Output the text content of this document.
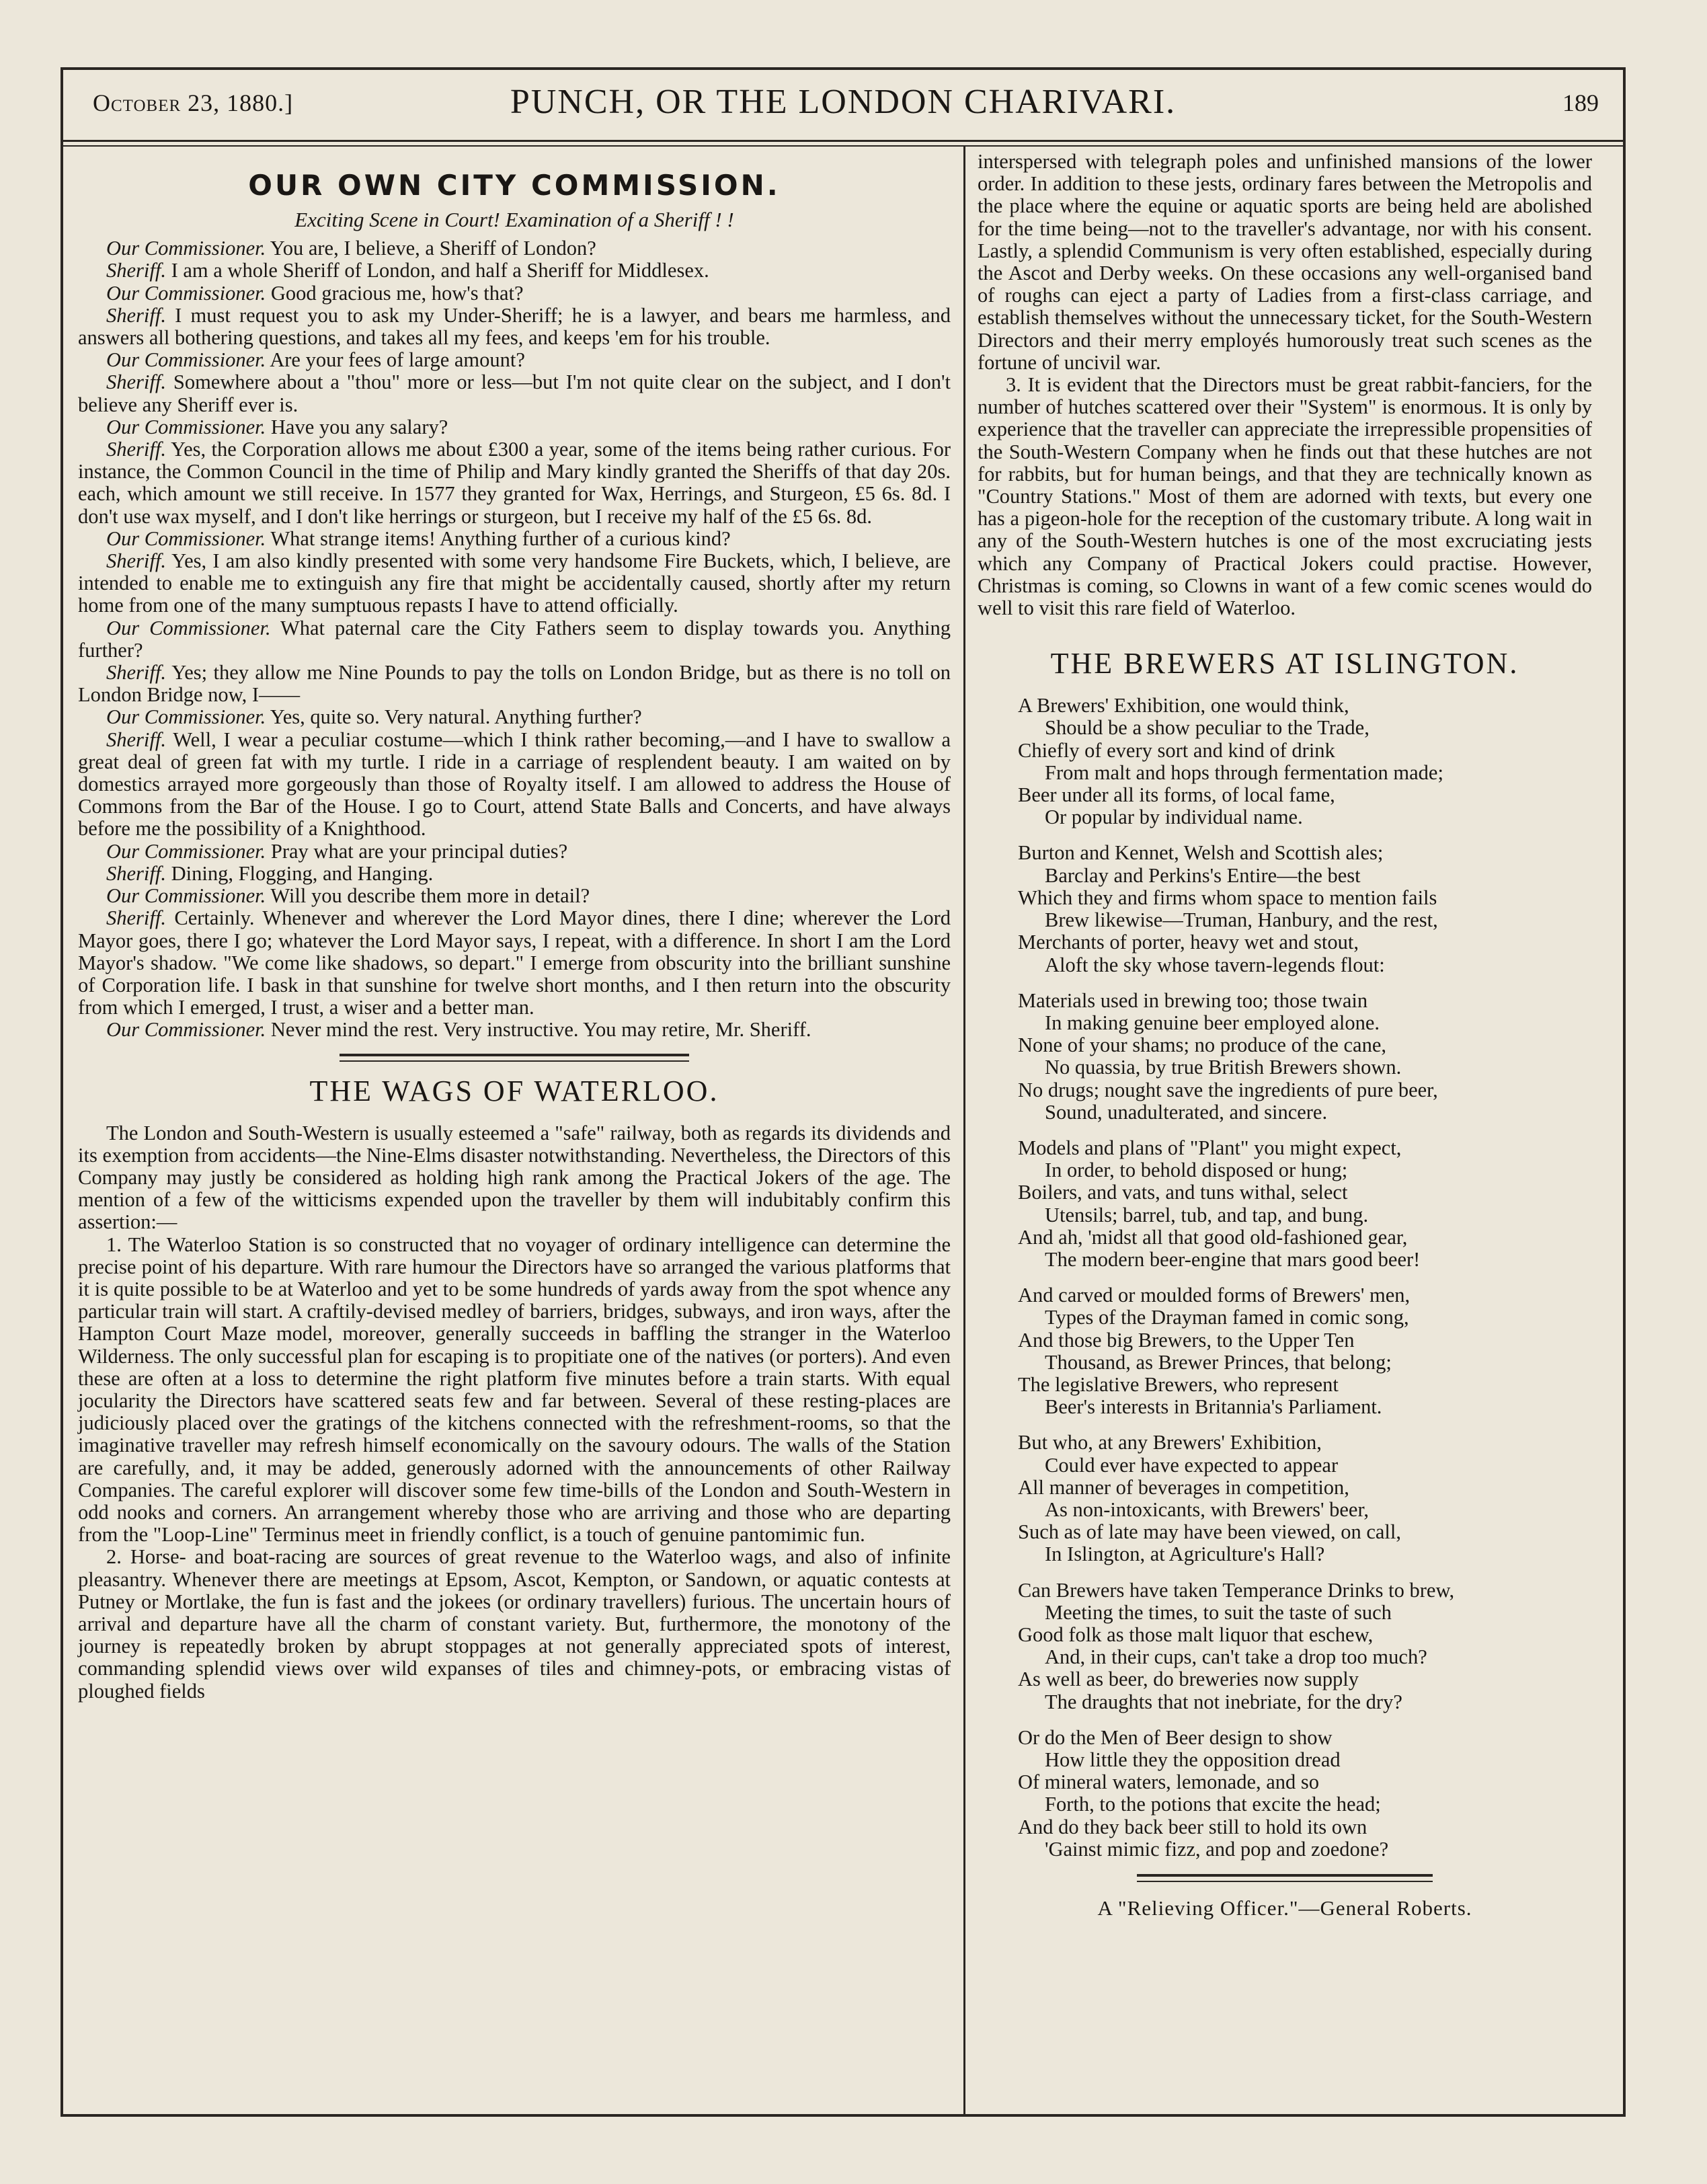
October 23, 1880.]	PUNCH, OR THE LONDON CHARIVARI.	189
OUR OWN CITY COMMISSION.
Exciting Scene in Court! Examination of a Sheriff ! !

Our Commissioner. You are, I believe, a Sheriff of London?

Sheriff. I am a whole Sheriff of London, and half a Sheriff for Middlesex.

Our Commissioner. Good gracious me, how's that?

Sheriff. I must request you to ask my Under-Sheriff; he is a lawyer, and bears me harmless, and answers all bothering questions, and takes all my fees, and keeps 'em for his trouble.

Our Commissioner. Are your fees of large amount?

Sheriff. Somewhere about a "thou" more or less—but I'm not quite clear on the subject, and I don't believe any Sheriff ever is.

Our Commissioner. Have you any salary?

Sheriff. Yes, the Corporation allows me about £300 a year, some of the items being rather curious. For instance, the Common Council in the time of Philip and Mary kindly granted the Sheriffs of that day 20s. each, which amount we still receive. In 1577 they granted for Wax, Herrings, and Sturgeon, £5 6s. 8d. I don't use wax myself, and I don't like herrings or sturgeon, but I receive my half of the £5 6s. 8d.

Our Commissioner. What strange items! Anything further of a curious kind?

Sheriff. Yes, I am also kindly presented with some very handsome Fire Buckets, which, I believe, are intended to enable me to extinguish any fire that might be accidentally caused, shortly after my return home from one of the many sumptuous repasts I have to attend officially.

Our Commissioner. What paternal care the City Fathers seem to display towards you. Anything further?

Sheriff. Yes; they allow me Nine Pounds to pay the tolls on London Bridge, but as there is no toll on London Bridge now, I——

Our Commissioner. Yes, quite so. Very natural. Anything further?

Sheriff. Well, I wear a peculiar costume—which I think rather becoming,—and I have to swallow a great deal of green fat with my turtle. I ride in a carriage of resplendent beauty. I am waited on by domestics arrayed more gorgeously than those of Royalty itself. I am allowed to address the House of Commons from the Bar of the House. I go to Court, attend State Balls and Concerts, and have always before me the possibility of a Knighthood.

Our Commissioner. Pray what are your principal duties?

Sheriff. Dining, Flogging, and Hanging.

Our Commissioner. Will you describe them more in detail?

Sheriff. Certainly. Whenever and wherever the Lord Mayor dines, there I dine; wherever the Lord Mayor goes, there I go; whatever the Lord Mayor says, I repeat, with a difference. In short I am the Lord Mayor's shadow. "We come like shadows, so depart." I emerge from obscurity into the brilliant sunshine of Corporation life. I bask in that sunshine for twelve short months, and I then return into the obscurity from which I emerged, I trust, a wiser and a better man.

Our Commissioner. Never mind the rest. Very instructive. You may retire, Mr. Sheriff.

THE WAGS OF WATERLOO.

The London and South-Western is usually esteemed a "safe" railway, both as regards its dividends and its exemption from accidents—the Nine-Elms disaster notwithstanding. Nevertheless, the Directors of this Company may justly be considered as holding high rank among the Practical Jokers of the age. The mention of a few of the witticisms expended upon the traveller by them will indubitably confirm this assertion:—

1. The Waterloo Station is so constructed that no voyager of ordinary intelligence can determine the precise point of his departure. With rare humour the Directors have so arranged the various platforms that it is quite possible to be at Waterloo and yet to be some hundreds of yards away from the spot whence any particular train will start. A craftily-devised medley of barriers, bridges, subways, and iron ways, after the Hampton Court Maze model, moreover, generally succeeds in baffling the stranger in the Waterloo Wilderness. The only successful plan for escaping is to propitiate one of the natives (or porters). And even these are often at a loss to determine the right platform five minutes before a train starts. With equal jocularity the Directors have scattered seats few and far between. Several of these resting-places are judiciously placed over the gratings of the kitchens connected with the refreshment-rooms, so that the imaginative traveller may refresh himself economically on the savoury odours. The walls of the Station are carefully, and, it may be added, generously adorned with the announcements of other Railway Companies. The careful explorer will discover some few time-bills of the London and South-Western in odd nooks and corners. An arrangement whereby those who are arriving and those who are departing from the "Loop-Line" Terminus meet in friendly conflict, is a touch of genuine pantomimic fun.

2. Horse- and boat-racing are sources of great revenue to the Waterloo wags, and also of infinite pleasantry. Whenever there are meetings at Epsom, Ascot, Kempton, or Sandown, or aquatic contests at Putney or Mortlake, the fun is fast and the jokees (or ordinary travellers) furious. The uncertain hours of arrival and departure have all the charm of constant variety. But, furthermore, the monotony of the journey is repeatedly broken by abrupt stoppages at not generally appreciated spots of interest, commanding splendid views over wild expanses of tiles and chimney-pots, or embracing vistas of ploughed fields

interspersed with telegraph poles and unfinished mansions of the lower order. In addition to these jests, ordinary fares between the Metropolis and the place where the equine or aquatic sports are being held are abolished for the time being—not to the traveller's advantage, nor with his consent. Lastly, a splendid Communism is very often established, especially during the Ascot and Derby weeks. On these occasions any well-organised band of roughs can eject a party of Ladies from a first-class carriage, and establish themselves without the unnecessary ticket, for the South-Western Directors and their merry employés humorously treat such scenes as the fortune of uncivil war.

3. It is evident that the Directors must be great rabbit-fanciers, for the number of hutches scattered over their "System" is enormous. It is only by experience that the traveller can appreciate the irrepressible propensities of the South-Western Company when he finds out that these hutches are not for rabbits, but for human beings, and that they are technically known as "Country Stations." Most of them are adorned with texts, but every one has a pigeon-hole for the reception of the customary tribute. A long wait in any of the South-Western hutches is one of the most excruciating jests which any Company of Practical Jokers could practise. However, Christmas is coming, so Clowns in want of a few comic scenes would do well to visit this rare field of Waterloo.

THE BREWERS AT ISLINGTON.
A Brewers' Exhibition, one would think,
Should be a show peculiar to the Trade,
Chiefly of every sort and kind of drink
From malt and hops through fermentation made;
Beer under all its forms, of local fame,
Or popular by individual name.
Burton and Kennet, Welsh and Scottish ales;
Barclay and Perkins's Entire—the best
Which they and firms whom space to mention fails
Brew likewise—Truman, Hanbury, and the rest,
Merchants of porter, heavy wet and stout,
Aloft the sky whose tavern-legends flout:
Materials used in brewing too; those twain
In making genuine beer employed alone.
None of your shams; no produce of the cane,
No quassia, by true British Brewers shown.
No drugs; nought save the ingredients of pure beer,
Sound, unadulterated, and sincere.
Models and plans of "Plant" you might expect,
In order, to behold disposed or hung;
Boilers, and vats, and tuns withal, select
Utensils; barrel, tub, and tap, and bung.
And ah, 'midst all that good old-fashioned gear,
The modern beer-engine that mars good beer!
And carved or moulded forms of Brewers' men,
Types of the Drayman famed in comic song,
And those big Brewers, to the Upper Ten
Thousand, as Brewer Princes, that belong;
The legislative Brewers, who represent
Beer's interests in Britannia's Parliament.
But who, at any Brewers' Exhibition,
Could ever have expected to appear
All manner of beverages in competition,
As non-intoxicants, with Brewers' beer,
Such as of late may have been viewed, on call,
In Islington, at Agriculture's Hall?
Can Brewers have taken Temperance Drinks to brew,
Meeting the times, to suit the taste of such
Good folk as those malt liquor that eschew,
And, in their cups, can't take a drop too much?
As well as beer, do breweries now supply
The draughts that not inebriate, for the dry?
Or do the Men of Beer design to show
How little they the opposition dread
Of mineral waters, lemonade, and so
Forth, to the potions that excite the head;
And do they back beer still to hold its own
'Gainst mimic fizz, and pop and zoedone?
A "Relieving Officer."—General Roberts.
